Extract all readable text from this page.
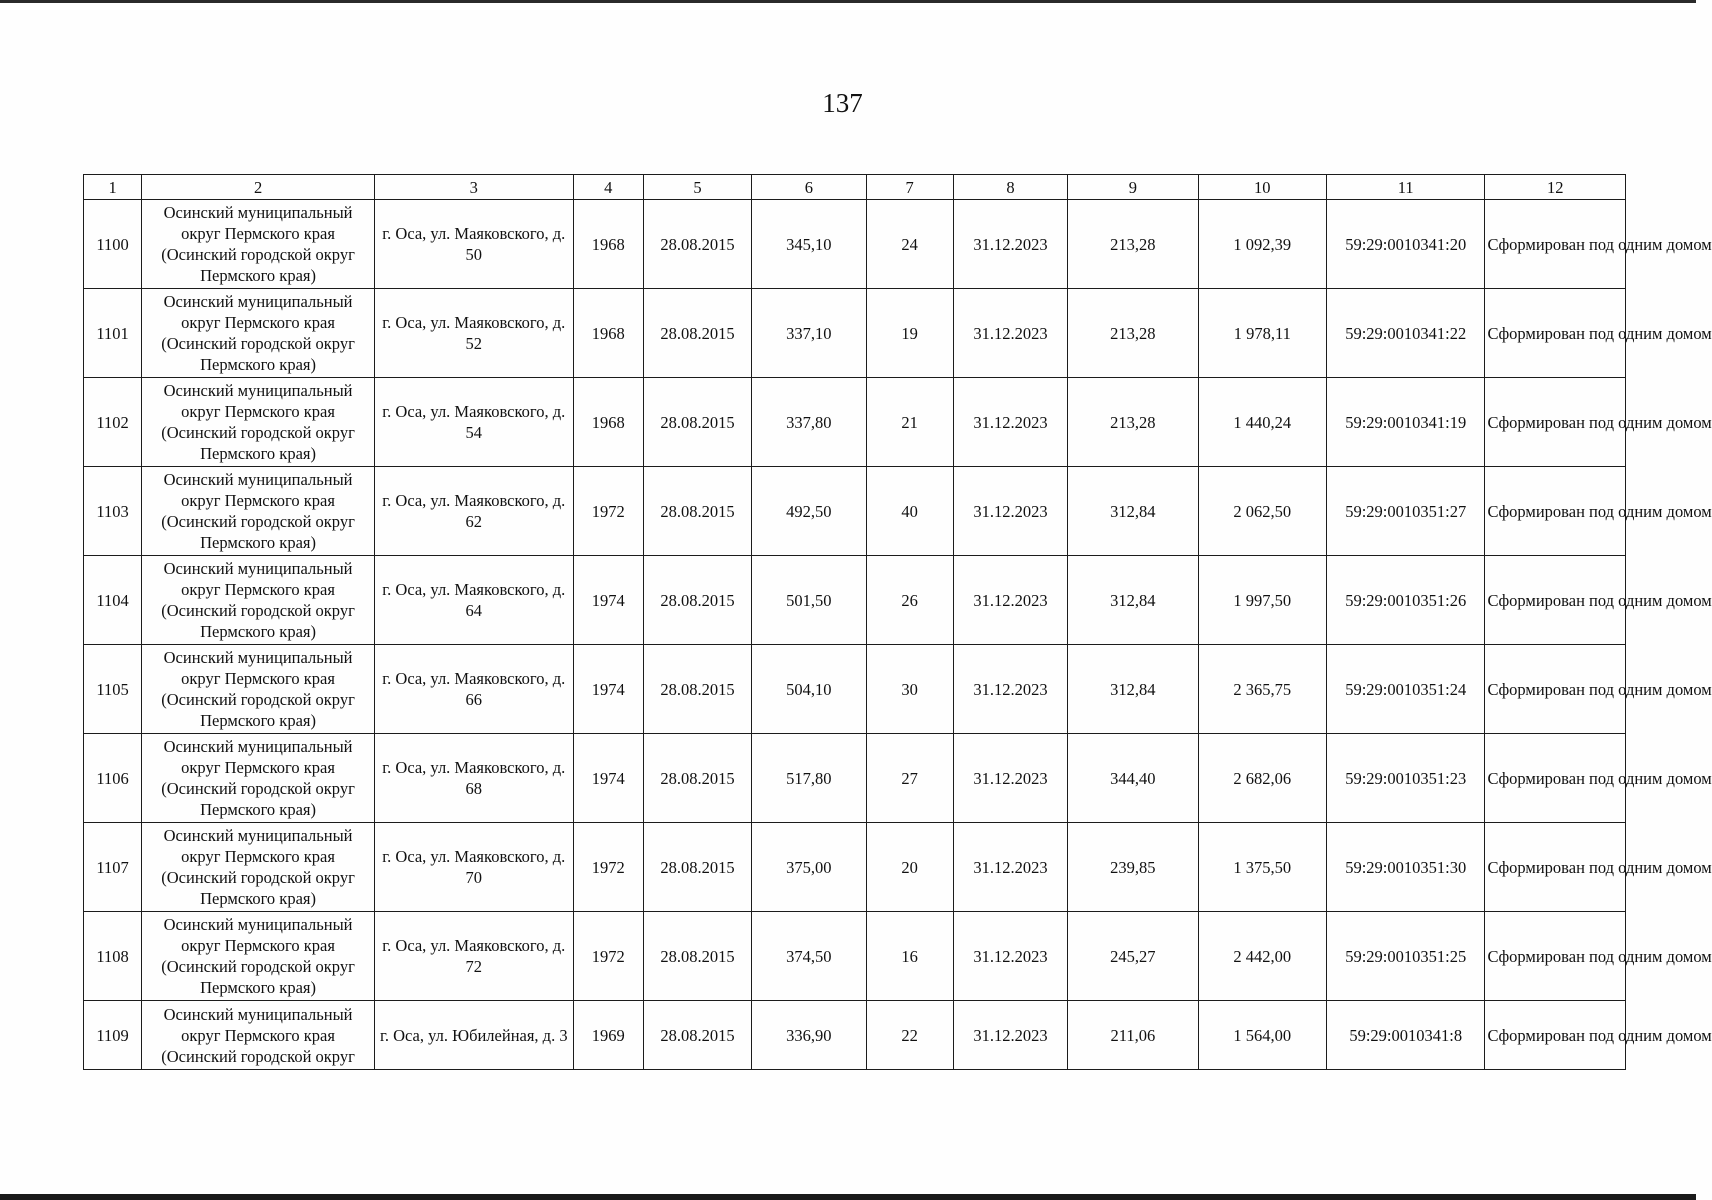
137
1	2	3	4	5	6	7	8	9	10	11	12
1100	Осинский муниципальный округ Пермского края (Осинский городской округ Пермского края)	г. Оса, ул. Маяковского, д. 50	1968	28.08.2015	345,10	24	31.12.2023	213,28	1 092,39	59:29:0010341:20	Сформирован под одним домом
1101	Осинский муниципальный округ Пермского края (Осинский городской округ Пермского края)	г. Оса, ул. Маяковского, д. 52	1968	28.08.2015	337,10	19	31.12.2023	213,28	1 978,11	59:29:0010341:22	Сформирован под одним домом
1102	Осинский муниципальный округ Пермского края (Осинский городской округ Пермского края)	г. Оса, ул. Маяковского, д. 54	1968	28.08.2015	337,80	21	31.12.2023	213,28	1 440,24	59:29:0010341:19	Сформирован под одним домом
1103	Осинский муниципальный округ Пермского края (Осинский городской округ Пермского края)	г. Оса, ул. Маяковского, д. 62	1972	28.08.2015	492,50	40	31.12.2023	312,84	2 062,50	59:29:0010351:27	Сформирован под одним домом
1104	Осинский муниципальный округ Пермского края (Осинский городской округ Пермского края)	г. Оса, ул. Маяковского, д. 64	1974	28.08.2015	501,50	26	31.12.2023	312,84	1 997,50	59:29:0010351:26	Сформирован под одним домом
1105	Осинский муниципальный округ Пермского края (Осинский городской округ Пермского края)	г. Оса, ул. Маяковского, д. 66	1974	28.08.2015	504,10	30	31.12.2023	312,84	2 365,75	59:29:0010351:24	Сформирован под одним домом
1106	Осинский муниципальный округ Пермского края (Осинский городской округ Пермского края)	г. Оса, ул. Маяковского, д. 68	1974	28.08.2015	517,80	27	31.12.2023	344,40	2 682,06	59:29:0010351:23	Сформирован под одним домом
1107	Осинский муниципальный округ Пермского края (Осинский городской округ Пермского края)	г. Оса, ул. Маяковского, д. 70	1972	28.08.2015	375,00	20	31.12.2023	239,85	1 375,50	59:29:0010351:30	Сформирован под одним домом
1108	Осинский муниципальный округ Пермского края (Осинский городской округ Пермского края)	г. Оса, ул. Маяковского, д. 72	1972	28.08.2015	374,50	16	31.12.2023	245,27	2 442,00	59:29:0010351:25	Сформирован под одним домом
1109	Осинский муниципальный округ Пермского края (Осинский городской округ	г. Оса, ул. Юбилейная, д. 3	1969	28.08.2015	336,90	22	31.12.2023	211,06	1 564,00	59:29:0010341:8	Сформирован под одним домом
